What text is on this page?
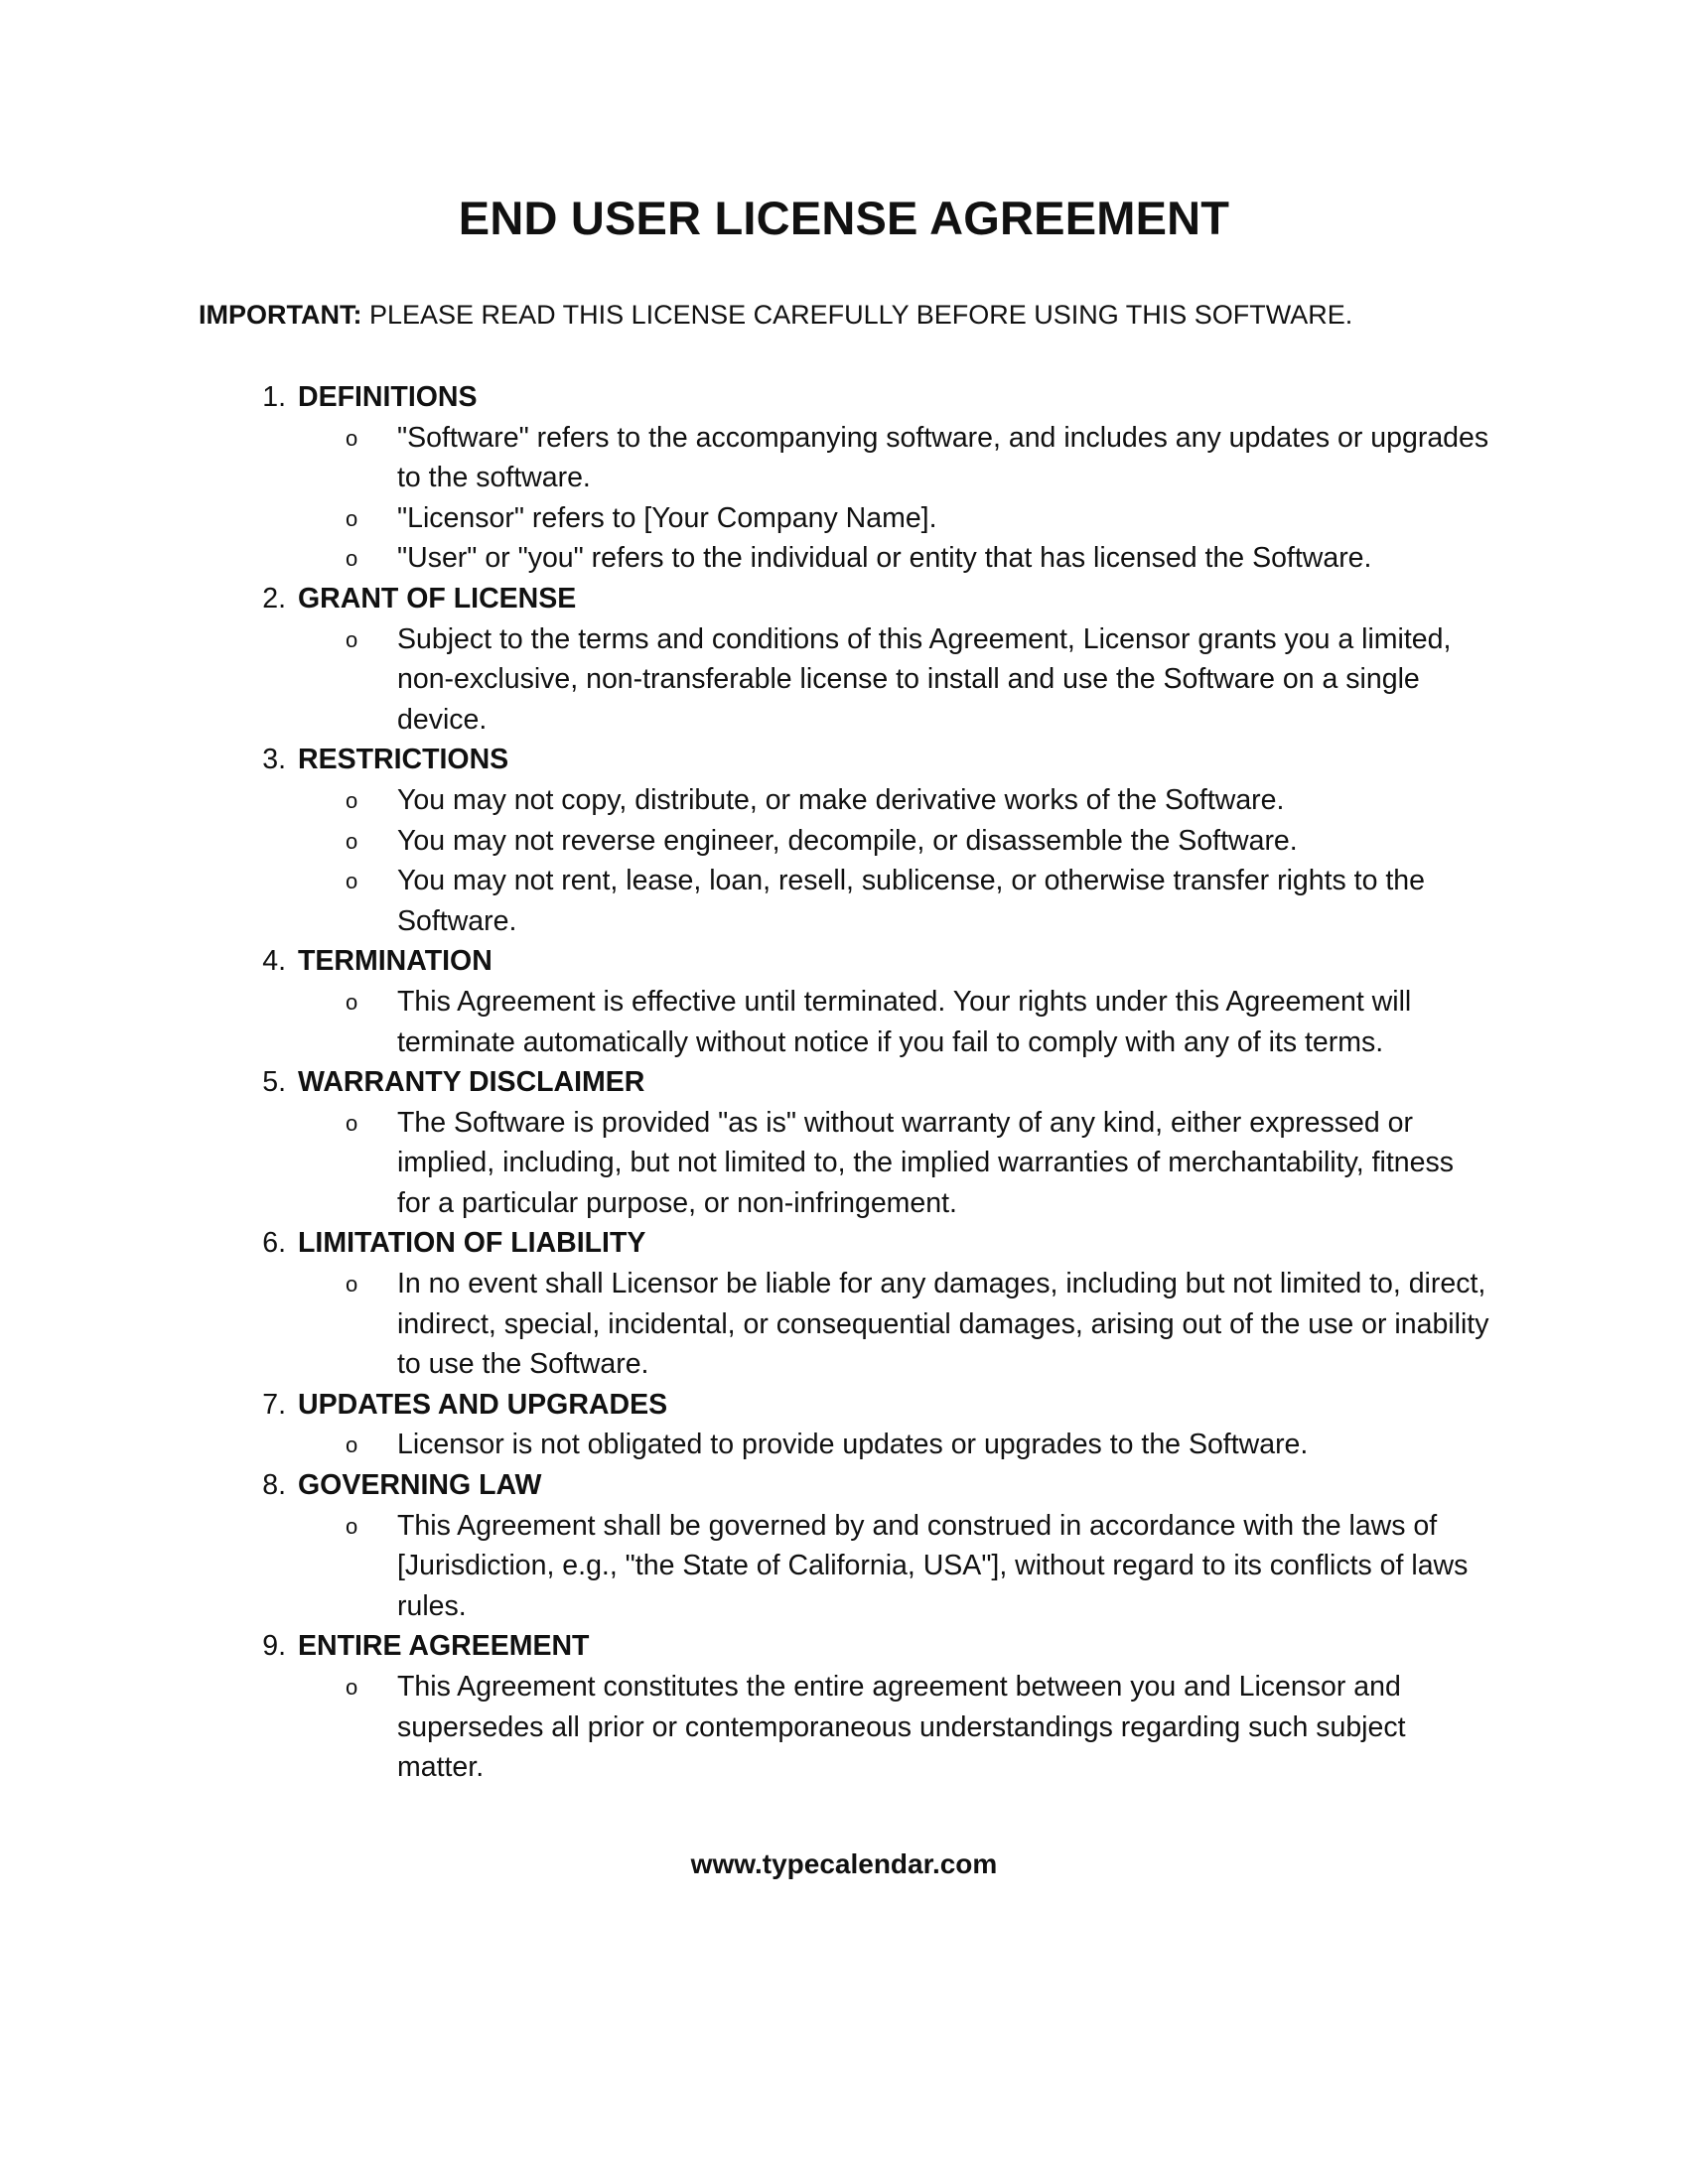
END USER LICENSE AGREEMENT

IMPORTANT: PLEASE READ THIS LICENSE CAREFULLY BEFORE USING THIS SOFTWARE.

1. DEFINITIONS
o "Software" refers to the accompanying software, and includes any updates or upgrades to the software.
o "Licensor" refers to [Your Company Name].
o "User" or "you" refers to the individual or entity that has licensed the Software.
2. GRANT OF LICENSE
o Subject to the terms and conditions of this Agreement, Licensor grants you a limited, non-exclusive, non-transferable license to install and use the Software on a single device.
3. RESTRICTIONS
o You may not copy, distribute, or make derivative works of the Software.
o You may not reverse engineer, decompile, or disassemble the Software.
o You may not rent, lease, loan, resell, sublicense, or otherwise transfer rights to the Software.
4. TERMINATION
o This Agreement is effective until terminated. Your rights under this Agreement will terminate automatically without notice if you fail to comply with any of its terms.
5. WARRANTY DISCLAIMER
o The Software is provided "as is" without warranty of any kind, either expressed or implied, including, but not limited to, the implied warranties of merchantability, fitness for a particular purpose, or non-infringement.
6. LIMITATION OF LIABILITY
o In no event shall Licensor be liable for any damages, including but not limited to, direct, indirect, special, incidental, or consequential damages, arising out of the use or inability to use the Software.
7. UPDATES AND UPGRADES
o Licensor is not obligated to provide updates or upgrades to the Software.
8. GOVERNING LAW
o This Agreement shall be governed by and construed in accordance with the laws of [Jurisdiction, e.g., "the State of California, USA"], without regard to its conflicts of laws rules.
9. ENTIRE AGREEMENT
o This Agreement constitutes the entire agreement between you and Licensor and supersedes all prior or contemporaneous understandings regarding such subject matter.

www.typecalendar.com
